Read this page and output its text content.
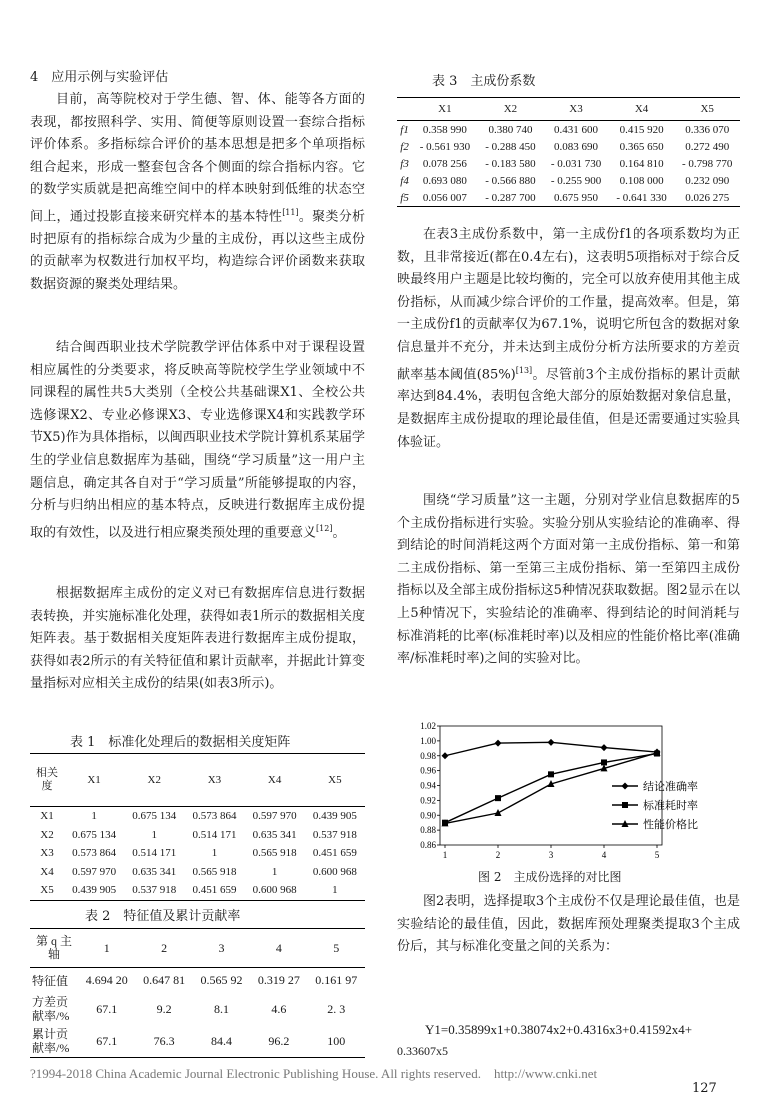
4　应用示例与实验评估
目前，高等院校对于学生德、智、体、能等各方面的表现，都按照科学、实用、简便等原则设置一套综合指标评价体系。多指标综合评价的基本思想是把多个单项指标组合起来，形成一整套包含各个侧面的综合指标内容。它的数学实质就是把高维空间中的样本映射到低维的状态空间上，通过投影直接来研究样本的基本特性[11]。聚类分析时把原有的指标综合成为少量的主成份，再以这些主成份的贡献率为权数进行加权平均，构造综合评价函数来获取数据资源的聚类处理结果。
结合闽西职业技术学院教学评估体系中对于课程设置相应属性的分类要求，将反映高等院校学生学业领域中不同课程的属性共5大类别（全校公共基础课X1、全校公共选修课X2、专业必修课X3、专业选修课X4和实践教学环节X5)作为具体指标，以闽西职业技术学院计算机系某届学生的学业信息数据库为基础，围绕“学习质量”这一用户主题信息，确定其各自对于“学习质量”所能够提取的内容，分析与归纳出相应的基本特点，反映进行数据库主成份提取的有效性，以及进行相应聚类预处理的重要意义[12]。
根据数据库主成份的定义对已有数据库信息进行数据表转换，并实施标准化处理，获得如表1所示的数据相关度矩阵表。基于数据相关度矩阵表进行数据库主成份提取，获得如表2所示的有关特征值和累计贡献率，并据此计算变量指标对应相关主成份的结果(如表3所示)。
表 1　标准化处理后的数据相关度矩阵
相关度	X1	X2	X3	X4	X5
X1	1	0.675 134	0.573 864	0.597 970	0.439 905
X2	0.675 134	1	0.514 171	0.635 341	0.537 918
X3	0.573 864	0.514 171	1	0.565 918	0.451 659
X4	0.597 970	0.635 341	0.565 918	1	0.600 968
X5	0.439 905	0.537 918	0.451 659	0.600 968	1
表 2　特征值及累计贡献率
第 q 主轴	1	2	3	4	5
特征值	4.694 20	0.647 81	0.565 92	0.319 27	0.161 97
方差贡献率/%	67.1	9.2	8.1	4.6	2. 3
累计贡献率/%	67.1	76.3	84.4	96.2	100
表 3　主成份系数
	X1	X2	X3	X4	X5
f1	0.358 990	0.380 740	0.431 600	0.415 920	0.336 070
f2	- 0.561 930	- 0.288 450	0.083 690	0.365 650	0.272 490
f3	0.078 256	- 0.183 580	- 0.031 730	0.164 810	- 0.798 770
f4	0.693 080	- 0.566 880	- 0.255 900	0.108 000	0.232 090
f5	0.056 007	- 0.287 700	0.675 950	- 0.641 330	0.026 275
在表3主成份系数中，第一主成份f1的各项系数均为正数，且非常接近(都在0.4左右)，这表明5项指标对于综合反映最终用户主题是比较均衡的，完全可以放弃使用其他主成份指标，从而减少综合评价的工作量，提高效率。但是，第一主成份f1的贡献率仅为67.1%，说明它所包含的数据对象信息量并不充分，并未达到主成份分析方法所要求的方差贡献率基本阈值(85%)[13]。尽管前3个主成份指标的累计贡献率达到84.4%，表明包含绝大部分的原始数据对象信息量，是数据库主成份提取的理论最佳值，但是还需要通过实验具体验证。
围绕“学习质量”这一主题，分别对学业信息数据库的5个主成份指标进行实验。实验分别从实验结论的准确率、得到结论的时间消耗这两个方面对第一主成份指标、第一和第二主成份指标、第一至第三主成份指标、第一至第四主成份指标以及全部主成份指标这5种情况获取数据。图2显示在以上5种情况下，实验结论的准确率、得到结论的时间消耗与标准消耗的比率(标准耗时率)以及相应的性能价格比率(准确率/标准耗时率)之间的实验对比。
1.02
1.00
0.98
0.96
0.94
0.92
0.90
0.88
0.86
1	2	3	4	5
结论准确率
标准耗时率
性能价格比
图 2　主成份选择的对比图
图2表明，选择提取3个主成份不仅是理论最佳值，也是实验结论的最佳值，因此，数据库预处理聚类提取3个主成份后，其与标准化变量之间的关系为：
Y1=0.35899x1+0.38074x2+0.4316x3+0.41592x4+
0.33607x5
?1994-2018 China Academic Journal Electronic Publishing House. All rights reserved.　http://www.cnki.net
127
